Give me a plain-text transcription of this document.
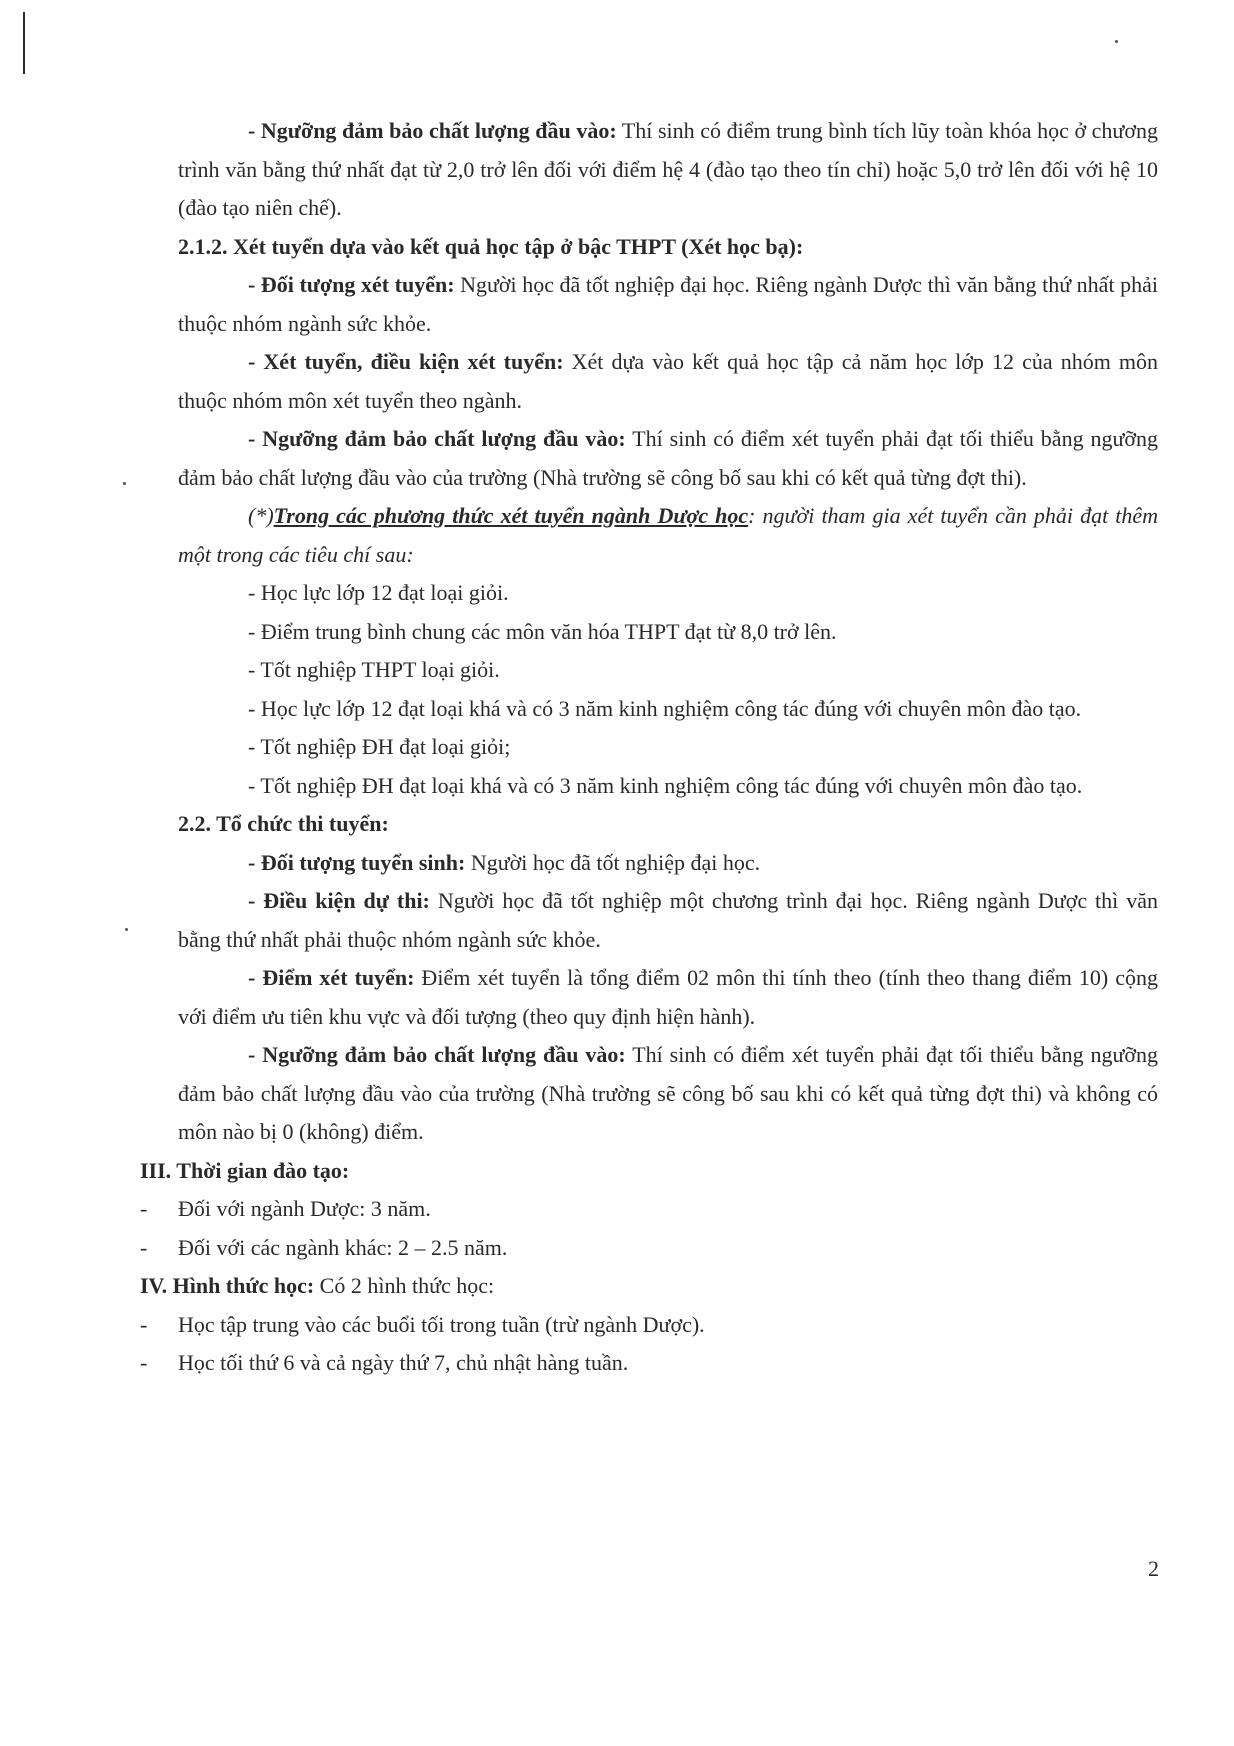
- Ngưỡng đảm bảo chất lượng đầu vào: Thí sinh có điểm trung bình tích lũy toàn khóa học ở chương trình văn bằng thứ nhất đạt từ 2,0 trở lên đối với điểm hệ 4 (đào tạo theo tín chỉ) hoặc 5,0 trở lên đối với hệ 10 (đào tạo niên chế).

2.1.2. Xét tuyển dựa vào kết quả học tập ở bậc THPT (Xét học bạ):

- Đối tượng xét tuyển: Người học đã tốt nghiệp đại học. Riêng ngành Dược thì văn bằng thứ nhất phải thuộc nhóm ngành sức khỏe.

- Xét tuyển, điều kiện xét tuyển: Xét dựa vào kết quả học tập cả năm học lớp 12 của nhóm môn thuộc nhóm môn xét tuyển theo ngành.

- Ngưỡng đảm bảo chất lượng đầu vào: Thí sinh có điểm xét tuyển phải đạt tối thiểu bằng ngưỡng đảm bảo chất lượng đầu vào của trường (Nhà trường sẽ công bố sau khi có kết quả từng đợt thi).

(*)Trong các phương thức xét tuyển ngành Dược học: người tham gia xét tuyển cần phải đạt thêm một trong các tiêu chí sau:

- Học lực lớp 12 đạt loại giỏi.

- Điểm trung bình chung các môn văn hóa THPT đạt từ 8,0 trở lên.

- Tốt nghiệp THPT loại giỏi.

- Học lực lớp 12 đạt loại khá và có 3 năm kinh nghiệm công tác đúng với chuyên môn đào tạo.

- Tốt nghiệp ĐH đạt loại giỏi;

- Tốt nghiệp ĐH đạt loại khá và có 3 năm kinh nghiệm công tác đúng với chuyên môn đào tạo.

2.2. Tổ chức thi tuyển:

- Đối tượng tuyển sinh: Người học đã tốt nghiệp đại học.

- Điều kiện dự thi: Người học đã tốt nghiệp một chương trình đại học. Riêng ngành Dược thì văn bằng thứ nhất phải thuộc nhóm ngành sức khỏe.

- Điểm xét tuyển: Điểm xét tuyển là tổng điểm 02 môn thi tính theo (tính theo thang điểm 10) cộng với điểm ưu tiên khu vực và đối tượng (theo quy định hiện hành).

- Ngưỡng đảm bảo chất lượng đầu vào: Thí sinh có điểm xét tuyển phải đạt tối thiểu bằng ngưỡng đảm bảo chất lượng đầu vào của trường (Nhà trường sẽ công bố sau khi có kết quả từng đợt thi) và không có môn nào bị 0 (không) điểm.

III. Thời gian đào tạo:

-	Đối với ngành Dược: 3 năm.

-	Đối với các ngành khác: 2 – 2.5 năm.

IV. Hình thức học: Có 2 hình thức học:

-	Học tập trung vào các buổi tối trong tuần (trừ ngành Dược).

-	Học tối thứ 6 và cả ngày thứ 7, chủ nhật hàng tuần.

2
